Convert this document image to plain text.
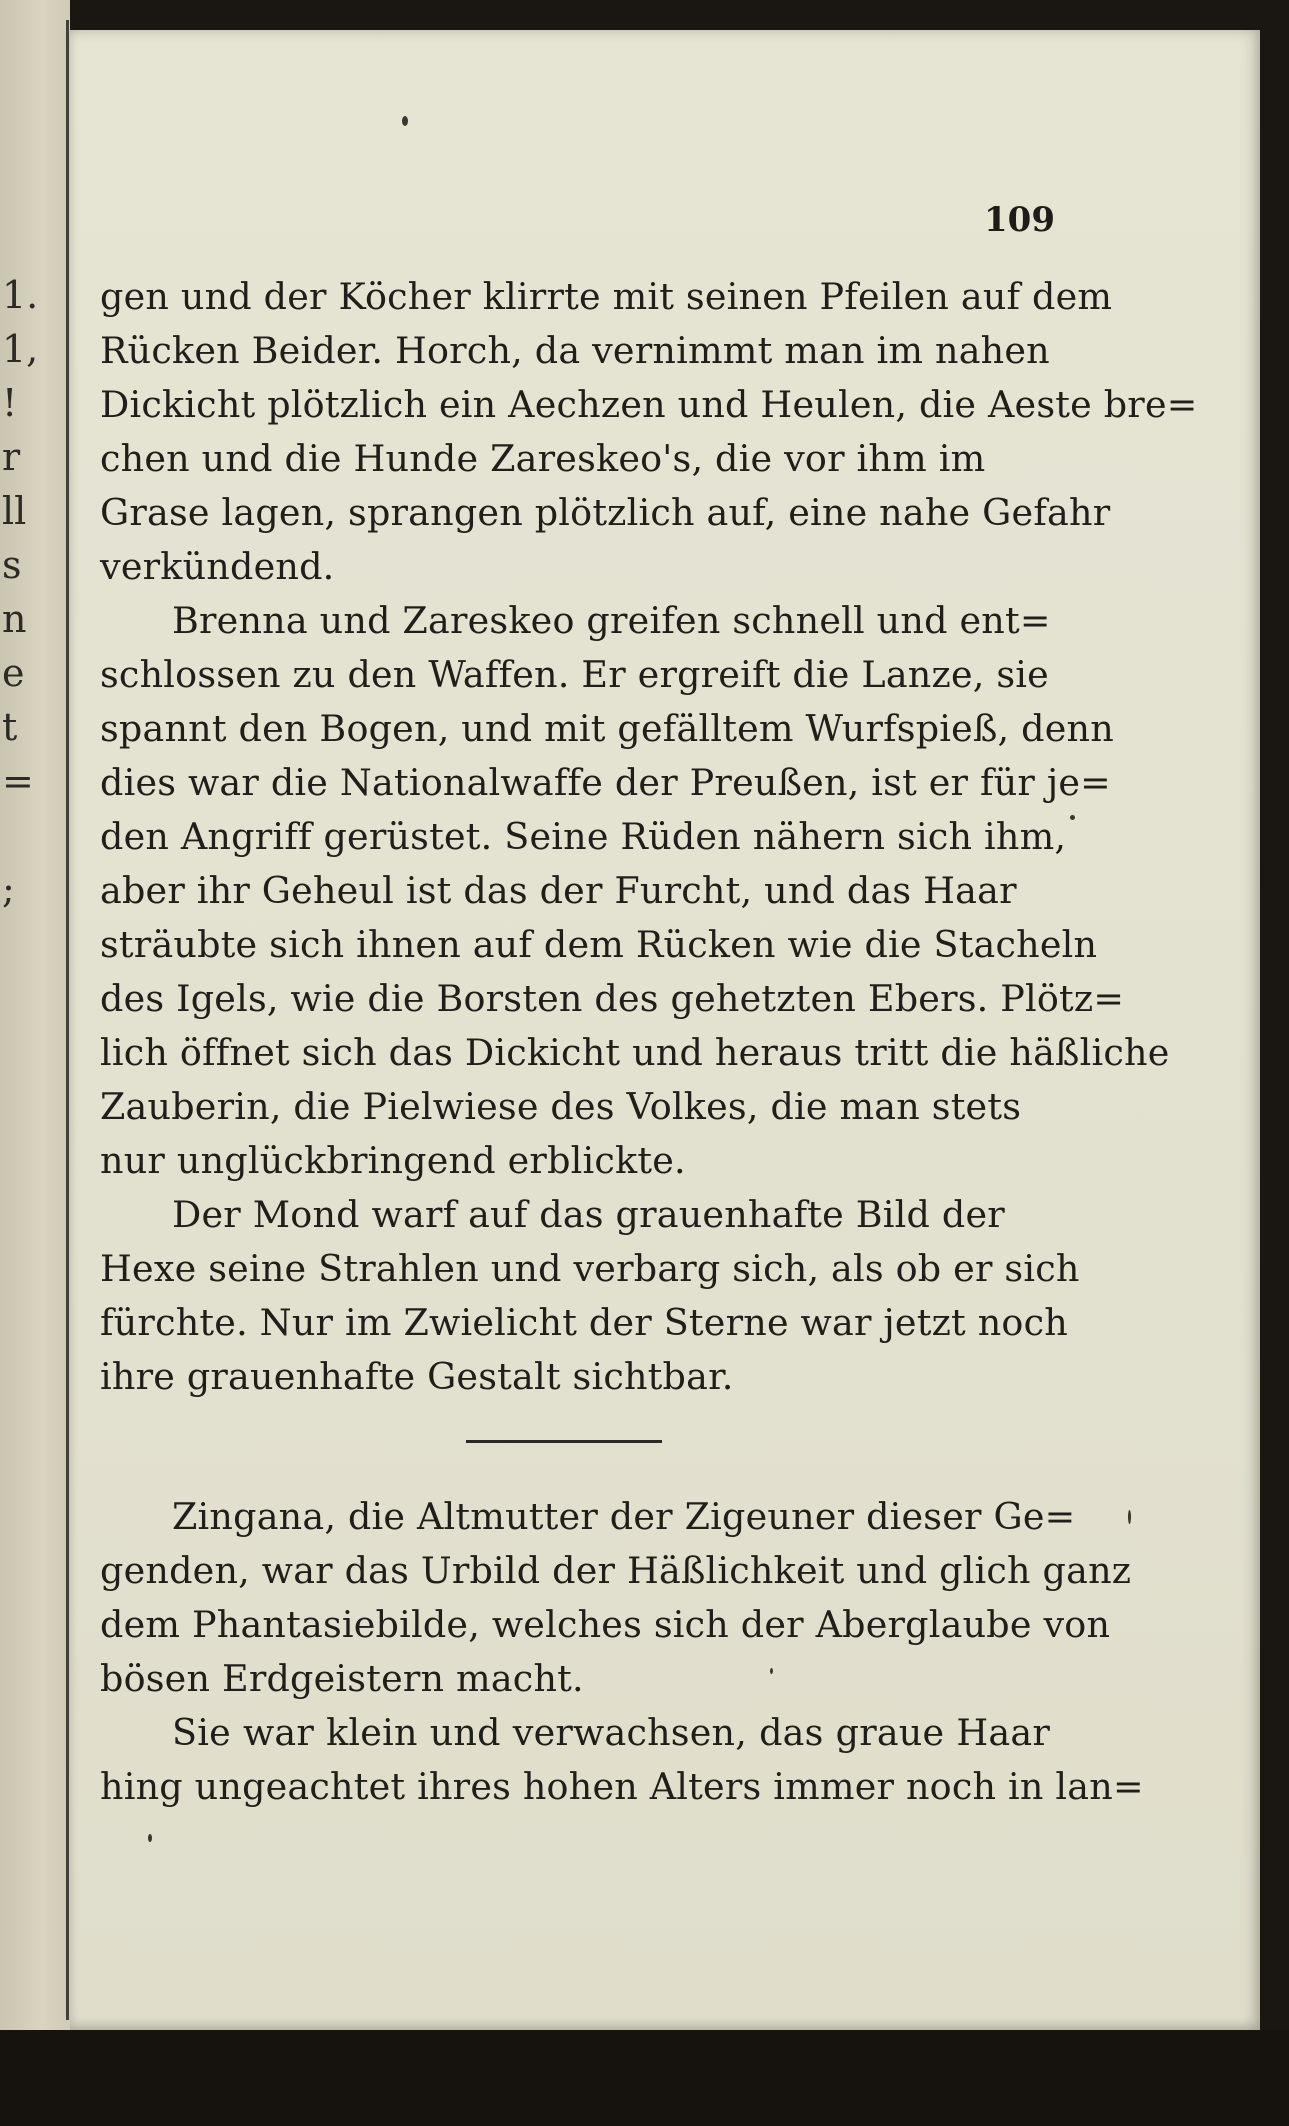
1.
1,
!
r
ll
s
n
e
t
=
;
109

gen und der Köcher klirrte mit seinen Pfeilen auf dem
Rücken Beider. Horch, da vernimmt man im nahen
Dickicht plötzlich ein Aechzen und Heulen, die Aeste bre=
chen und die Hunde Zareskeo's, die vor ihm im
Grase lagen, sprangen plötzlich auf, eine nahe Gefahr
verkündend.

Brenna und Zareskeo greifen schnell und ent=
schlossen zu den Waffen. Er ergreift die Lanze, sie
spannt den Bogen, und mit gefälltem Wurfspieß, denn
dies war die Nationalwaffe der Preußen, ist er für je=
den Angriff gerüstet. Seine Rüden nähern sich ihm,
aber ihr Geheul ist das der Furcht, und das Haar
sträubte sich ihnen auf dem Rücken wie die Stacheln
des Igels, wie die Borsten des gehetzten Ebers. Plötz=
lich öffnet sich das Dickicht und heraus tritt die häßliche
Zauberin, die Pielwiese des Volkes, die man stets
nur unglückbringend erblickte.

Der Mond warf auf das grauenhafte Bild der
Hexe seine Strahlen und verbarg sich, als ob er sich
fürchte. Nur im Zwielicht der Sterne war jetzt noch
ihre grauenhafte Gestalt sichtbar.

Zingana, die Altmutter der Zigeuner dieser Ge=
genden, war das Urbild der Häßlichkeit und glich ganz
dem Phantasiebilde, welches sich der Aberglaube von
bösen Erdgeistern macht.

Sie war klein und verwachsen, das graue Haar
hing ungeachtet ihres hohen Alters immer noch in lan=
